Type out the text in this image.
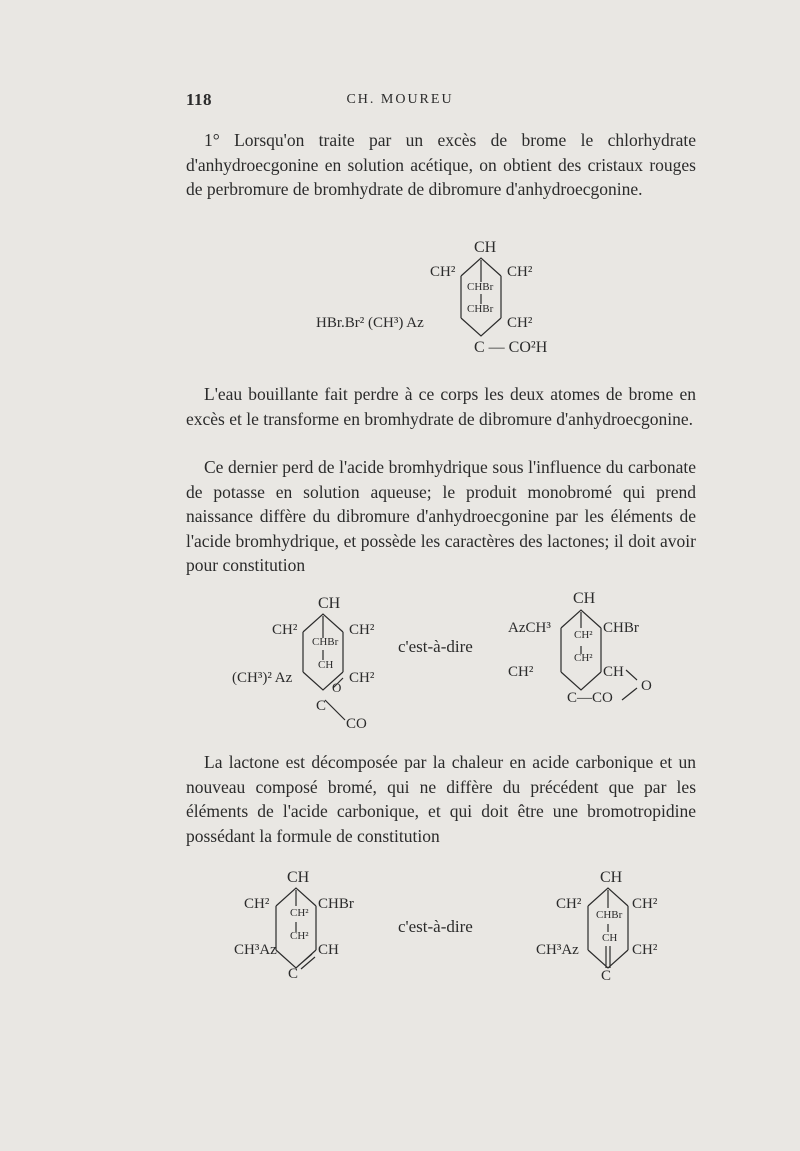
118	CH. MOUREU

1° Lorsqu'on traite par un excès de brome le chlorhydrate d'anhydroecgonine en solution acétique, on obtient des cristaux rouges de perbromure de bromhydrate de dibromure d'anhydroecgonine.

CH
CH²	CH²
CHBr
CHBr
HBr.Br² (CH³) Az	CH²
C — CO²H

L'eau bouillante fait perdre à ce corps les deux atomes de brome en excès et le transforme en bromhydrate de dibromure d'anhydroecgonine.

Ce dernier perd de l'acide bromhydrique sous l'influence du carbonate de potasse en solution aqueuse; le produit monobromé qui prend naissance diffère du dibromure d'anhydroecgonine par les éléments de l'acide bromhydrique, et possède les caractères des lactones; il doit avoir pour constitution

CH
CH²	CH²
CHBr
CH
(CH³)² Az	CH²
O
C
CO
c'est-à-dire
CH
AzCH³	CHBr
CH²
CH²
CH²	CH
C—CO
O

La lactone est décomposée par la chaleur en acide carbonique et un nouveau composé bromé, qui ne diffère du précédent que par les éléments de l'acide carbonique, et qui doit être une bromotropidine possédant la formule de constitution

CH
CH²	CHBr
CH²
CH²
CH³Az	CH
C
c'est-à-dire
CH
CH²	CH²
CHBr
CH
CH³Az	CH²
C
